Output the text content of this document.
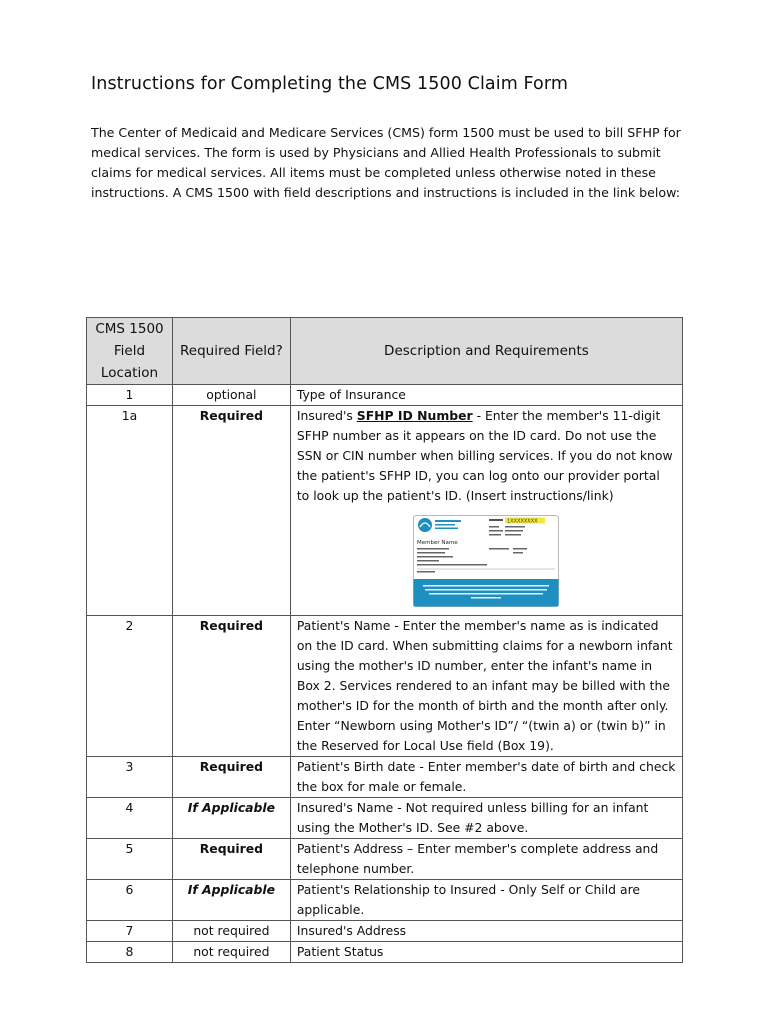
Instructions for Completing the CMS 1500 Claim Form
The Center of Medicaid and Medicare Services (CMS) form 1500 must be used to bill SFHP for medical services. The form is used by Physicians and Allied Health Professionals to submit claims for medical services. All items must be completed unless otherwise noted in these instructions. A CMS 1500 with field descriptions and instructions is included in the link below:
CMS 1500 Field Location	Required Field?	Description and Requirements
1	optional	Type of Insurance
1a	Required	Insured's SFHP ID Number - Enter the member's 11-digit SFHP number as it appears on the ID card. Do not use the SSN or CIN number when billing services. If you do not know the patient's SFHP ID, you can log onto our provider portal to look up the patient's ID. (Insert instructions/link)
1XXXXXXXX
Member Name

2	Required	Patient's Name - Enter the member's name as is indicated on the ID card. When submitting claims for a newborn infant using the mother's ID number, enter the infant's name in Box 2. Services rendered to an infant may be billed with the mother's ID for the month of birth and the month after only. Enter “Newborn using Mother's ID”/ “(twin a) or (twin b)” in the Reserved for Local Use field (Box 19).
3	Required	Patient's Birth date - Enter member's date of birth and check the box for male or female.
4	If Applicable	Insured's Name - Not required unless billing for an infant using the Mother's ID. See #2 above.
5	Required	Patient's Address – Enter member's complete address and telephone number.
6	If Applicable	Patient's Relationship to Insured - Only Self or Child are applicable.
7	not required	Insured's Address
8	not required	Patient Status
